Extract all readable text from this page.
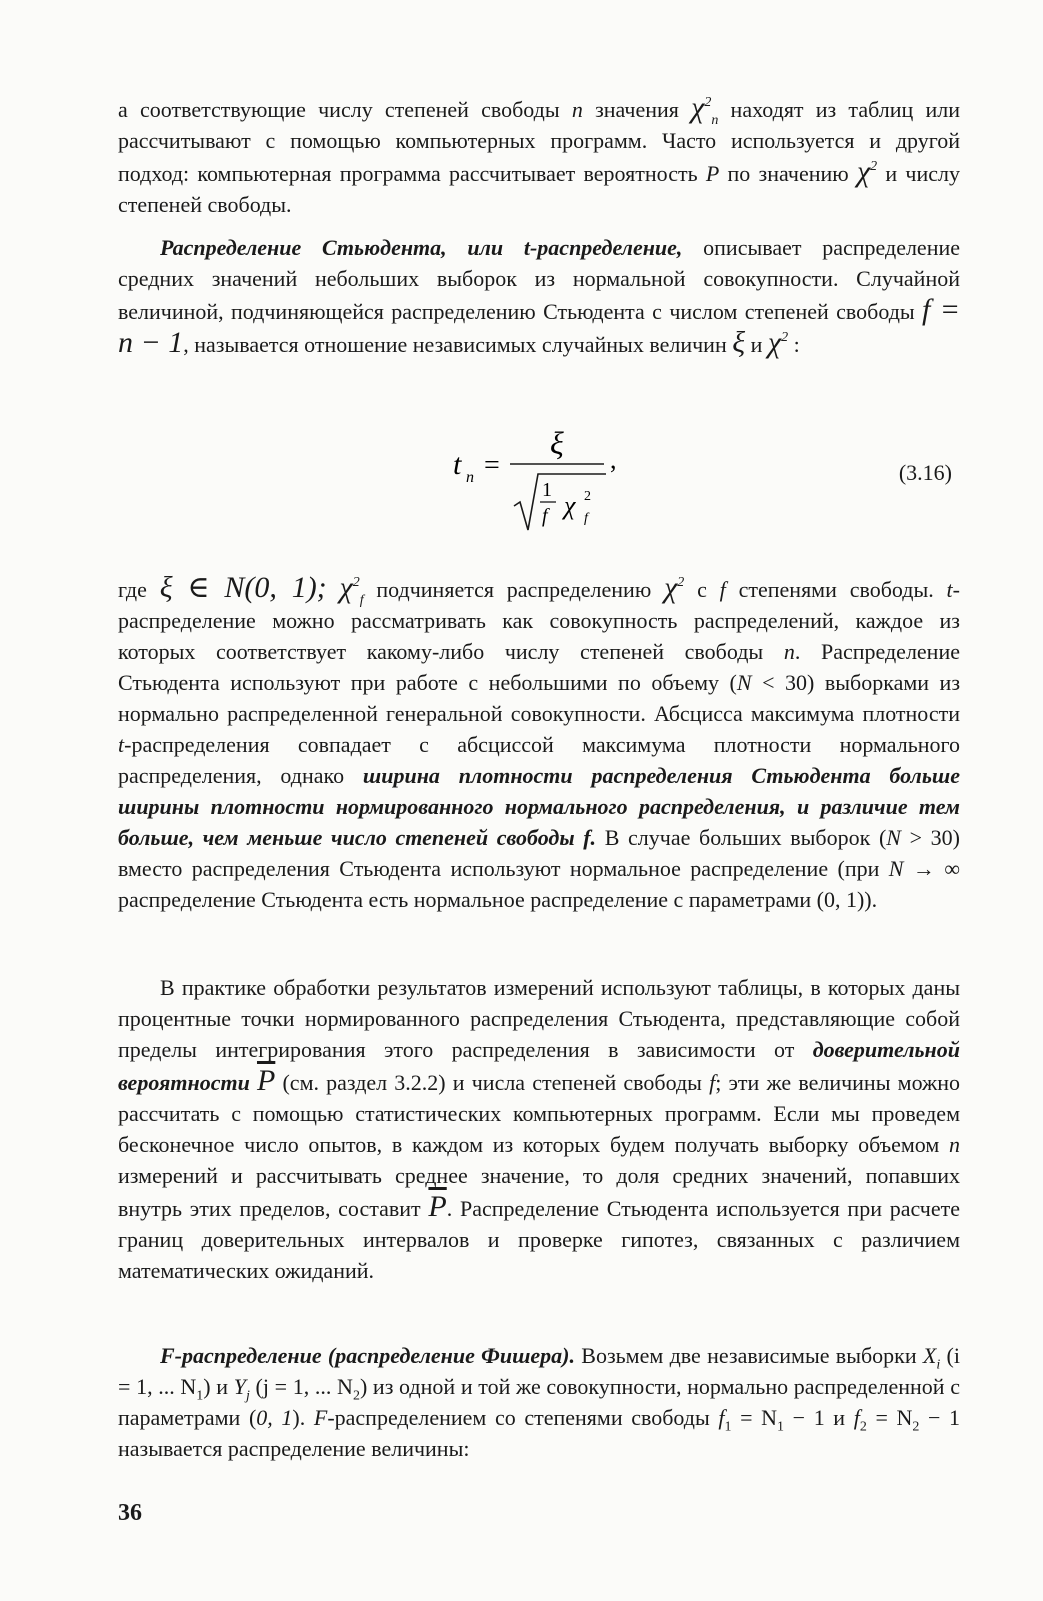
а соответствующие числу степеней свободы n значения $\chi^2_n$ находят из таблиц или рассчитывают с помощью компьютерных программ. Часто используется и другой подход: компьютерная программа рассчитывает вероятность P по значению $\chi^2$ и числу степеней свободы.

Распределение Стьюдента, или t-распределение, описывает распределение средних значений небольших выборок из нормальной совокупности. Случайной величиной, подчиняющейся распределению Стьюдента с числом степеней свободы f = n − 1, называется отношение независимых случайных величин ξ и $\chi^2$ :

t n =
ξ
1
f χ 2
f
,	(3.16)

где ξ ∈ N(0, 1); $\chi^2_f$ подчиняется распределению $\chi^2$ с f степенями свободы. t-распределение можно рассматривать как совокупность распределений, каждое из которых соответствует какому-либо числу степеней свободы n. Распределение Стьюдента используют при работе с небольшими по объему (N < 30) выборками из нормально распределенной генеральной совокупности. Абсцисса максимума плотности t-распределения совпадает с абсциссой максимума плотности нормального распределения, однако ширина плотности распределения Стьюдента больше ширины плотности нормированного нормального распределения, и различие тем больше, чем меньше число степеней свободы f. В случае больших выборок (N > 30) вместо распределения Стьюдента используют нормальное распределение (при N → ∞ распределение Стьюдента есть нормальное распределение с параметрами (0, 1)).

В практике обработки результатов измерений используют таблицы, в которых даны процентные точки нормированного распределения Стьюдента, представляющие собой пределы интегрирования этого распределения в зависимости от доверительной вероятности $\overline{P}$ (см. раздел 3.2.2) и числа степеней свободы f; эти же величины можно рассчитать с помощью статистических компьютерных программ. Если мы проведем бесконечное число опытов, в каждом из которых будем получать выборку объемом n измерений и рассчитывать среднее значение, то доля средних значений, попавших внутрь этих пределов, составит $\overline{P}$. Распределение Стьюдента используется при расчете границ доверительных интервалов и проверке гипотез, связанных с различием математических ожиданий.

F-распределение (распределение Фишера). Возьмем две независимые выборки $X_i$ (i = 1, ... $N_1$) и $Y_j$ (j = 1, ... $N_2$) из одной и той же совокупности, нормально распределенной с параметрами (0, 1). F-распределением со степенями свободы $f_1 = N_1 - 1$ и $f_2 = N_2 - 1$ называется распределение величины:

36
